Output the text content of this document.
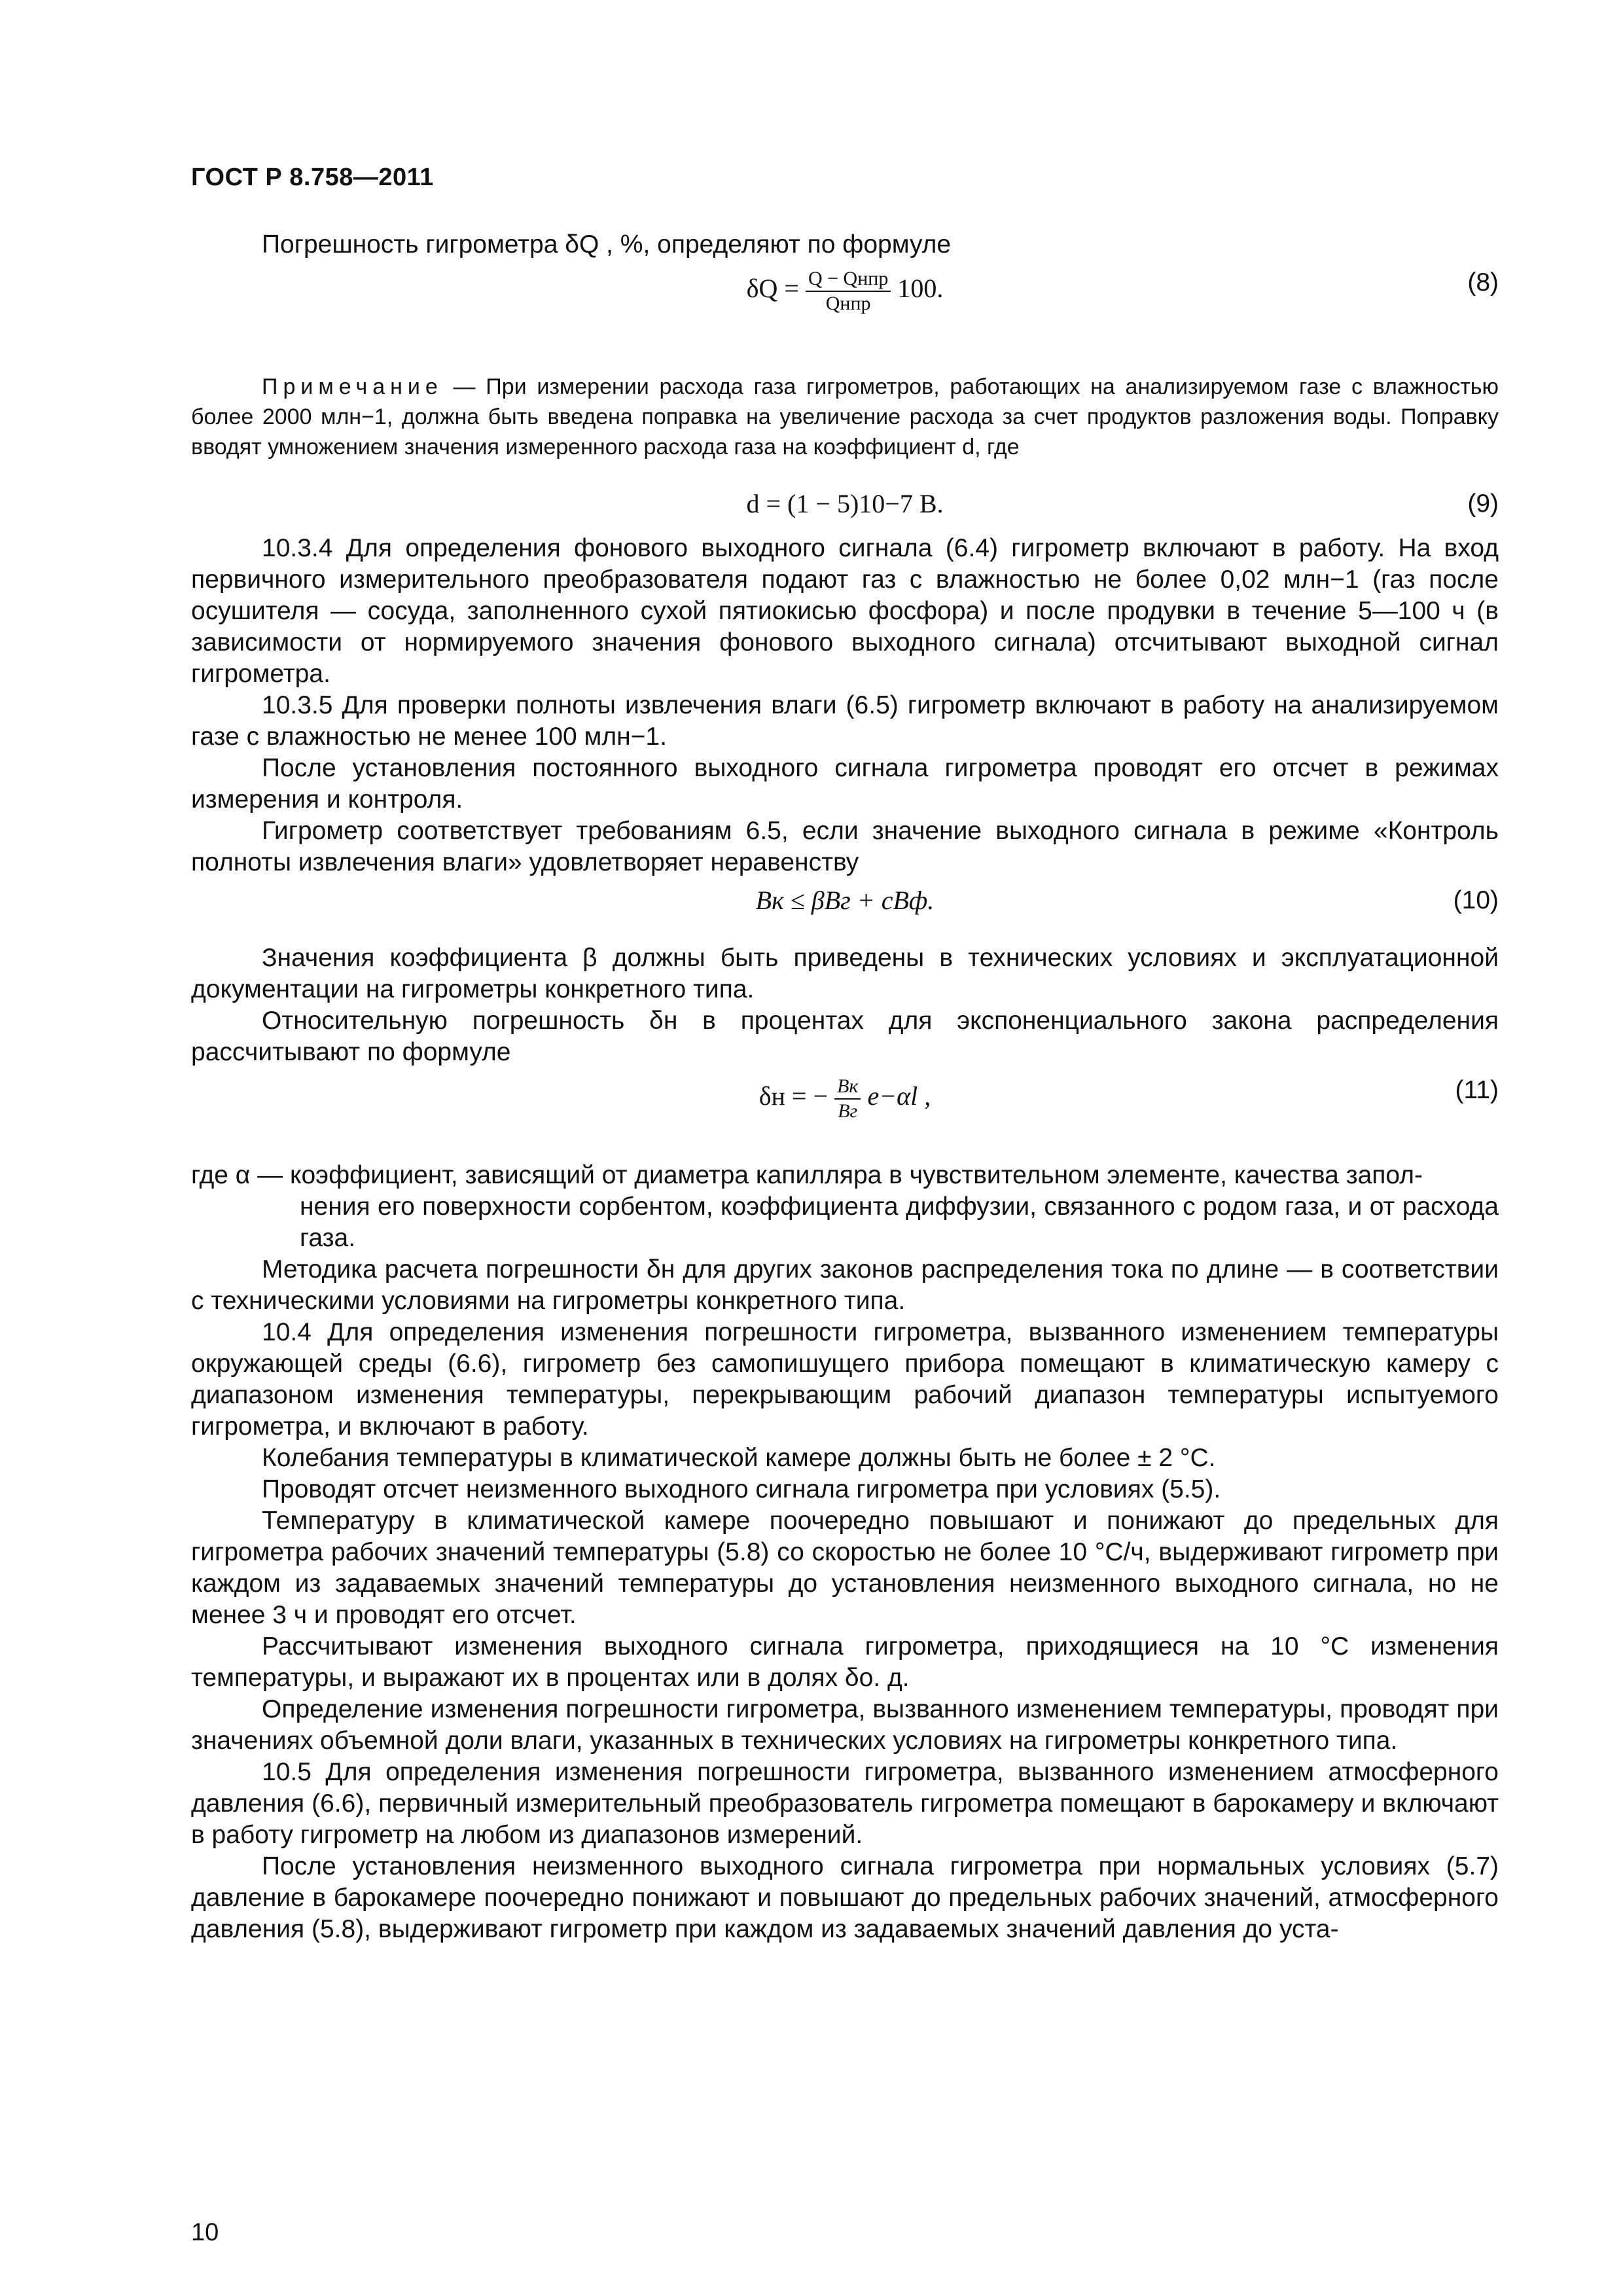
ГОСТ Р 8.758—2011

Погрешность гигрометра δQ , %, определяют по формуле

$\delta Q = \frac{\text{Q − Qнпр}}{\text{Qнпр}} 100$.	(8)

Примечание — При измерении расхода газа гигрометров, работающих на анализируемом газе с влажностью более 2000 млн−1, должна быть введена поправка на увеличение расхода за счет продуктов разложения воды. Поправку вводят умножением значения измеренного расхода газа на коэффициент d, где

d = (1 − 5)10−7 В.	(9)

10.3.4 Для определения фонового выходного сигнала (6.4) гигрометр включают в работу. На вход первичного измерительного преобразователя подают газ с влажностью не более 0,02 млн−1 (газ после осушителя — сосуда, заполненного сухой пятиокисью фосфора) и после продувки в течение 5—100 ч (в зависимости от нормируемого значения фонового выходного сигнала) отсчитывают выходной сигнал гигрометра.

10.3.5 Для проверки полноты извлечения влаги (6.5) гигрометр включают в работу на анализируемом газе с влажностью не менее 100 млн−1.

После установления постоянного выходного сигнала гигрометра проводят его отсчет в режимах измерения и контроля.

Гигрометр соответствует требованиям 6.5, если значение выходного сигнала в режиме «Контроль полноты извлечения влаги» удовлетворяет неравенству

Bк ≤ βBг + cBф.	(10)

Значения коэффициента β должны быть приведены в технических условиях и эксплуатационной документации на гигрометры конкретного типа.

Относительную погрешность δн в процентах для экспоненциального закона распределения рассчитывают по формуле

δн = − $\frac{Bк}{Bг} e-\alpha l$ ,	(11)

где α — коэффициент, зависящий от диаметра капилляра в чувствительном элементе, качества запол-
нения его поверхности сорбентом, коэффициента диффузии, связанного с родом газа, и от расхода газа.

Методика расчета погрешности δн для других законов распределения тока по длине — в соответствии с техническими условиями на гигрометры конкретного типа.

10.4 Для определения изменения погрешности гигрометра, вызванного изменением температуры окружающей среды (6.6), гигрометр без самопишущего прибора помещают в климатическую камеру с диапазоном изменения температуры, перекрывающим рабочий диапазон температуры испытуемого гигрометра, и включают в работу.

Колебания температуры в климатической камере должны быть не более ± 2 °С.

Проводят отсчет неизменного выходного сигнала гигрометра при условиях (5.5).

Температуру в климатической камере поочередно повышают и понижают до предельных для гигрометра рабочих значений температуры (5.8) со скоростью не более 10 °С/ч, выдерживают гигрометр при каждом из задаваемых значений температуры до установления неизменного выходного сигнала, но не менее 3 ч и проводят его отсчет.

Рассчитывают изменения выходного сигнала гигрометра, приходящиеся на 10 °С изменения температуры, и выражают их в процентах или в долях δо. д.

Определение изменения погрешности гигрометра, вызванного изменением температуры, проводят при значениях объемной доли влаги, указанных в технических условиях на гигрометры конкретного типа.

10.5 Для определения изменения погрешности гигрометра, вызванного изменением атмосферного давления (6.6), первичный измерительный преобразователь гигрометра помещают в барокамеру и включают в работу гигрометр на любом из диапазонов измерений.

После установления неизменного выходного сигнала гигрометра при нормальных условиях (5.7) давление в барокамере поочередно понижают и повышают до предельных рабочих значений, атмосферного давления (5.8), выдерживают гигрометр при каждом из задаваемых значений давления до уста-

10
